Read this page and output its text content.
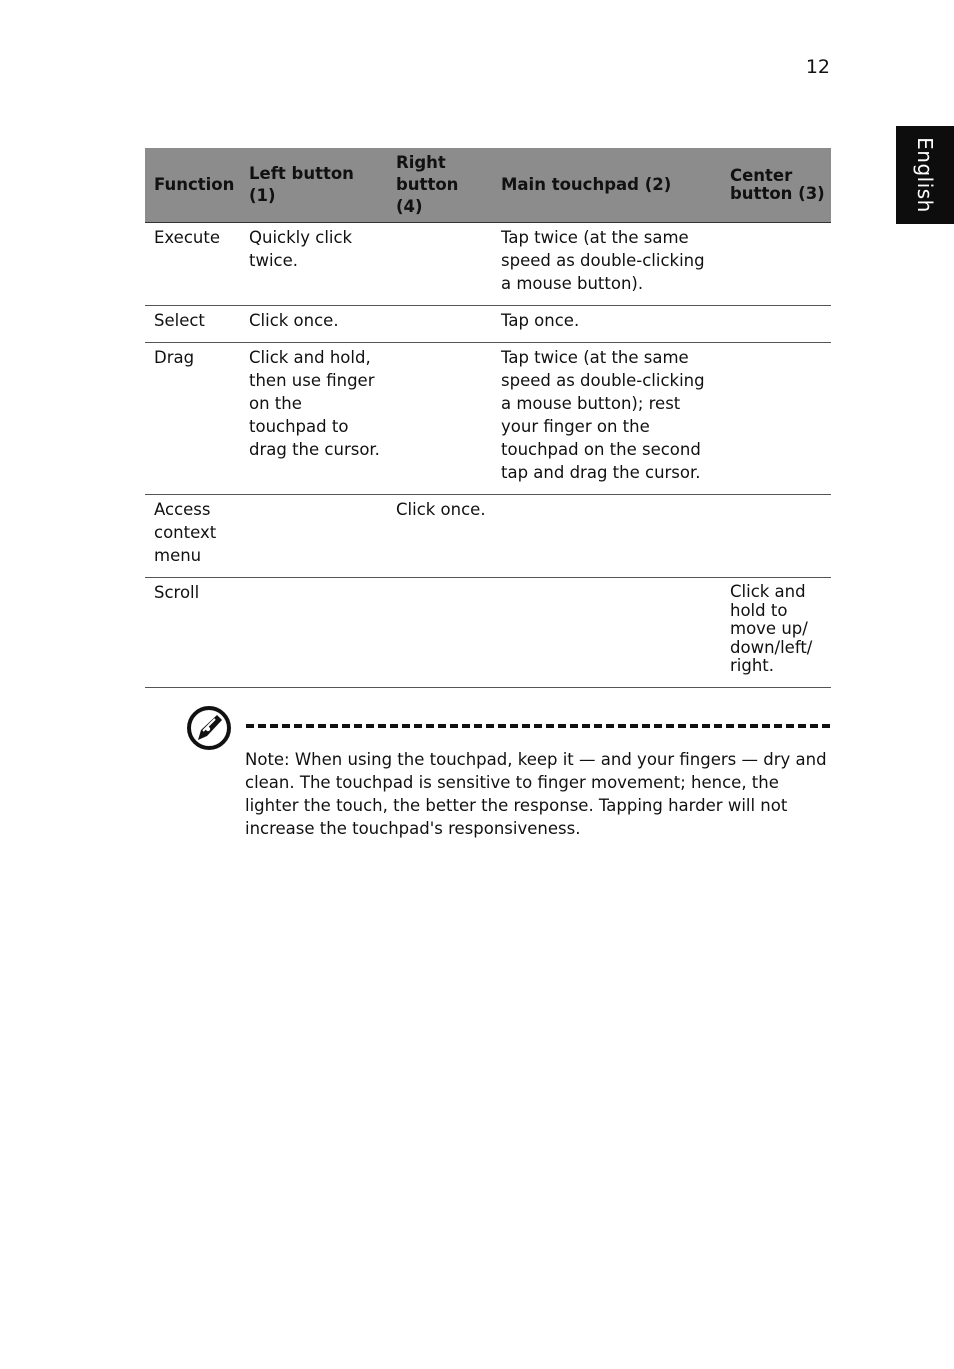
12
English
Function	Left button (1)	Right button (4)	Main touchpad (2)	Center button (3)
Execute	Quickly click twice.		Tap twice (at the same speed as double-clicking a mouse button).	
Select	Click once.		Tap once.	
Drag	Click and hold, then use finger on the touchpad to drag the cursor.		Tap twice (at the same speed as double-clicking a mouse button); rest your finger on the touchpad on the second tap and drag the cursor.	
Access context menu		Click once.		
Scroll				Click and hold to move up/ down/left/ right.
Note: When using the touchpad, keep it — and your fingers — dry and clean. The touchpad is sensitive to finger movement; hence, the lighter the touch, the better the response. Tapping harder will not increase the touchpad's responsiveness.
